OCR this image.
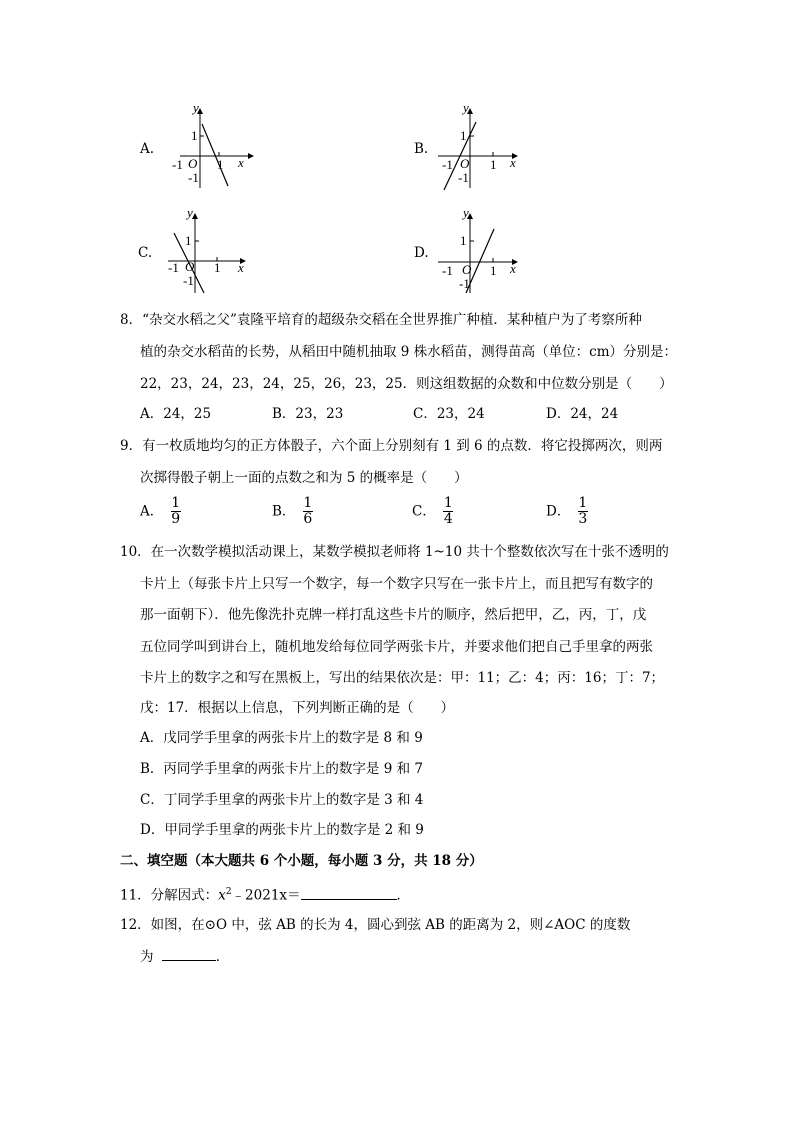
A.
y
x
1
-1 O 1
-1
B.
y
x
1
-1 O 1
-1
C.
y
x
1
-1 O 1
-1
D.
y
x
1
-1 O 1
-1
8．“杂交水稻之父”袁隆平培育的超级杂交稻在全世界推广种植．某种植户为了考察所种
植的杂交水稻苗的长势，从稻田中随机抽取 9 株水稻苗，测得苗高（单位：cm）分别是：
22，23，24，23，24，25，26，23，25．则这组数据的众数和中位数分别是（　　）
A．24，25	B．23，23	C．23，24	D．24，24
9．有一枚质地均匀的正方体骰子，六个面上分别刻有 1 到 6 的点数．将它投掷两次，则两
次掷得骰子朝上一面的点数之和为 5 的概率是（　　）
A． $\frac{1}{9}$	B． $\frac{1}{6}$	C． $\frac{1}{4}$	D． $\frac{1}{3}$
10．在一次数学模拟活动课上，某数学模拟老师将 1~10 共十个整数依次写在十张不透明的
卡片上（每张卡片上只写一个数字，每一个数字只写在一张卡片上，而且把写有数字的
那一面朝下）．他先像洗扑克牌一样打乱这些卡片的顺序，然后把甲，乙，丙，丁，戊
五位同学叫到讲台上，随机地发给每位同学两张卡片，并要求他们把自己手里拿的两张
卡片上的数字之和写在黑板上，写出的结果依次是：甲：11；乙：4；丙：16；丁：7；
戊：17．根据以上信息，下列判断正确的是（　　）
A．戊同学手里拿的两张卡片上的数字是 8 和 9
B．丙同学手里拿的两张卡片上的数字是 9 和 7
C．丁同学手里拿的两张卡片上的数字是 3 和 4
D．甲同学手里拿的两张卡片上的数字是 2 和 9
二、填空题（本大题共 6 个小题，每小题 3 分，共 18 分）
11．分解因式：$x^2﹣2021x=$	．
12．如图，在⊙O 中，弦 AB 的长为 4，圆心到弦 AB 的距离为 2，则∠AOC 的度数
为	．
